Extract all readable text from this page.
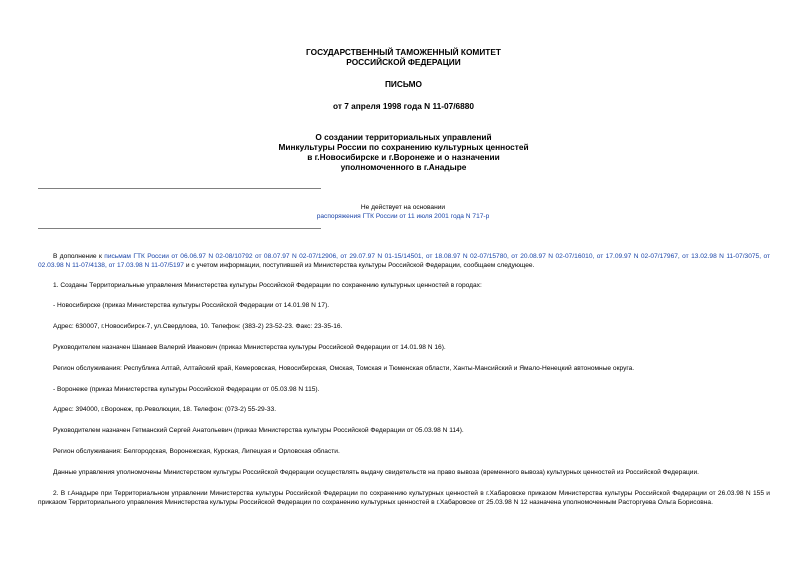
ГОСУДАРСТВЕННЫЙ ТАМОЖЕННЫЙ КОМИТЕТ
РОССИЙСКОЙ ФЕДЕРАЦИИ
ПИСЬМО
от 7 апреля 1998 года N 11-07/6880
О создании территориальных управлений
Минкультуры России по сохранению культурных ценностей
в г.Новосибирске и г.Воронеже и о назначении
уполномоченного в г.Анадыре
Не действует на основании
распоряжения ГТК России от 11 июля 2001 года N 717-р
В дополнение к письмам ГТК России от 06.06.97 N 02-08/10792 от 08.07.97 N 02-07/12906, от 29.07.97 N 01-15/14501, от 18.08.97 N 02-07/15780, от 20.08.97 N 02-07/16010, от 17.09.97 N 02-07/17967, от 13.02.98 N 11-07/3075, от 02.03.98 N 11-07/4138, от 17.03.98 N 11-07/5197 и с учетом информации, поступившей из Министерства культуры Российской Федерации, сообщаем следующее.
1. Созданы Территориальные управления Министерства культуры Российской Федерации по сохранению культурных ценностей в городах:
- Новосибирске (приказ Министерства культуры Российской Федерации от 14.01.98 N 17).
Адрес: 630007, г.Новосибирск-7, ул.Свердлова, 10. Телефон: (383-2) 23-52-23. Факс: 23-35-16.
Руководителем назначен Шамаев Валерий Иванович (приказ Министерства культуры Российской Федерации от 14.01.98 N 16).
Регион обслуживания: Республика Алтай, Алтайский край, Кемеровская, Новосибирская, Омская, Томская и Тюменская области, Ханты-Мансийский и Ямало-Ненецкий автономные округа.
- Воронеже (приказ Министерства культуры Российской Федерации от 05.03.98 N 115).
Адрес: 394000, г.Воронеж, пр.Революции, 18. Телефон: (073-2) 55-29-33.
Руководителем назначен Гетманский Сергей Анатольевич (приказ Министерства культуры Российской Федерации от 05.03.98 N 114).
Регион обслуживания: Белгородская, Воронежская, Курская, Липецкая и Орловская области.
Данные управления уполномочены Министерством культуры Российской Федерации осуществлять выдачу свидетельств на право вывоза (временного вывоза) культурных ценностей из Российской Федерации.
2. В г.Анадыре при Территориальном управлении Министерства культуры Российской Федерации по сохранению культурных ценностей в г.Хабаровске приказом Министерства культуры Российской Федерации от 26.03.98 N 155 и приказом Территориального управления Министерства культуры Российской Федерации по сохранению культурных ценностей в г.Хабаровске от 25.03.98 N 12 назначена уполномоченным Расторгуева Ольга Борисовна.
